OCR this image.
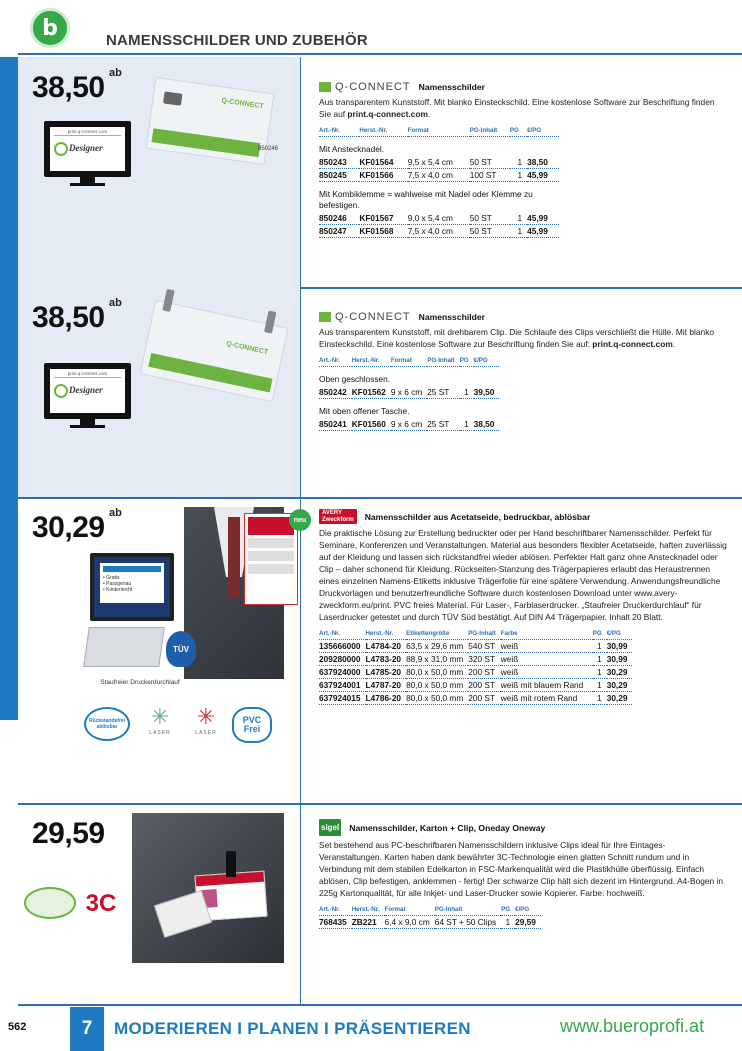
b	NAMENSSCHILDER UND ZUBEHÖR
ab
38,50	Q-CONNECT
850246
print.q-connect.com
Designer
Q-CONNECT Namensschilder
Aus transparentem Kunststoff. Mit blanko Einsteckschild. Eine kostenlose Software zur Beschriftung finden Sie auf print.q-connect.com.
Art.-Nr.	Herst.-Nr.	Format	PG-Inhalt	PG	€/PG
Mit Anstecknadel.					
850243	KF01564	9,5 x 5,4 cm	50 ST	1	38,50
850245	KF01566	7,5 x 4,0 cm	100 ST	1	45,99
Mit Kombiklemme = wahlweise mit Nadel oder Klemme zu befestigen.					
850246	KF01567	9,0 x 5,4 cm	50 ST	1	45,99
850247	KF01568	7,5 x 4,0 cm	50 ST	1	45,99
ab
38,50
Q-CONNECT
print.q-connect.com
Designer
Q-CONNECT Namensschilder
Aus transparentem Kunststoff, mit drehbarem Clip. Die Schlaufe des Clips verschließt die Hülle. Mit blanko Einsteckschild. Eine kostenlose Software zur Beschriftung finden Sie auf: print.q-connect.com.
Art.-Nr.	Herst.-Nr.	Format	PG-Inhalt	PG	€/PG
Oben geschlossen.					
850242	KF01562	9 x 6 cm	25 ST	1	39,50
Mit oben offener Tasche.					
850241	KF01560	9 x 6 cm	25 ST	1	38,50
ab
30,29
• Gratis
• Passgenau
• Kinderleicht
TÜV
Staufreier Druckerdurchlauf
Rückstandsfrei ablösbar	✳
LASER
✳
LASER
PVC Frei
neu
AVERY
Zweckform	Namensschilder aus Acetatseide, bedruckbar, ablösbar
Die praktische Lösung zur Erstellung bedruckter oder per Hand beschriftbarer Namensschilder. Perfekt für Seminare, Konferenzen und Veranstaltungen. Material aus besonders flexibler Acetatseide, haften zuverlässig auf der Kleidung und lassen sich rückstandfrei wieder ablösen. Perfekter Halt ganz ohne Anstecknadel oder Clip – daher schonend für Kleidung. Rückseiten-Stanzung des Trägerpapieres erlaubt das Heraustrennen eines einzelnen Namens-Etiketts inklusive Trägerfolie für eine spätere Verwendung. Anwendungsfreundliche Druckvorlagen und benutzerfreundliche Software durch kostenlosen Download unter www.avery-zweckform.eu/print. PVC freies Material. Für Laser-, Farblaserdrucker. „Staufreier Druckerdurchlauf“ für Laserdrucker getestet und durch TÜV Süd bestätigt. Auf DIN A4 Trägerpapier. Inhalt 20 Blatt.
Art.-Nr.	Herst.-Nr.	Etikettengröße	PG-Inhalt	Farbe	PG	€/PG
135666000	L4784-20	63,5 x 29,6 mm	540 ST	weiß	1	30,99
209280000	L4783-20	88,9 x 31,0 mm	320 ST	weiß	1	30,99
637924000	L4785-20	80,0 x 50,0 mm	200 ST	weiß	1	30,29
637924001	L4787-20	80,0 x 50,0 mm	200 ST	weiß mit blauem Rand	1	30,29
637924015	L4786-20	80,0 x 50,0 mm	200 ST	weiß mit rotem Rand	1	30,29
29,59
3C
sigel Namensschilder, Karton + Clip, Oneday Oneway
Set bestehend aus PC-beschrifbaren Namensschildern inklusive Clips ideal für Ihre Eintages-Veranstaltungen. Karten haben dank bewährter 3C-Technologie einen glatten Schnitt rundum und in Verbindung mit dem stabilen Edelkarton in FSC-Markenqualität wird die Plastikhülle überflüssig. Einfach ablösen, Clip befestigen, anklemmen - fertig! Der schwarze Clip hält sich dezent im Hintergrund. A4-Bogen in 225g Kartonqualität, für alle Inkjet- und Laser-Drucker sowie Kopierer. Farbe: hochweiß.
Art.-Nr.	Herst.-Nr.	Format	PG-Inhalt	PG	€/PG
768435	ZB221	6,4 x 9,0 cm	64 ST + 50 Clips	1	29,59
562	7	MODERIEREN I PLANEN I PRÄSENTIEREN	www.bueroprofi.at
